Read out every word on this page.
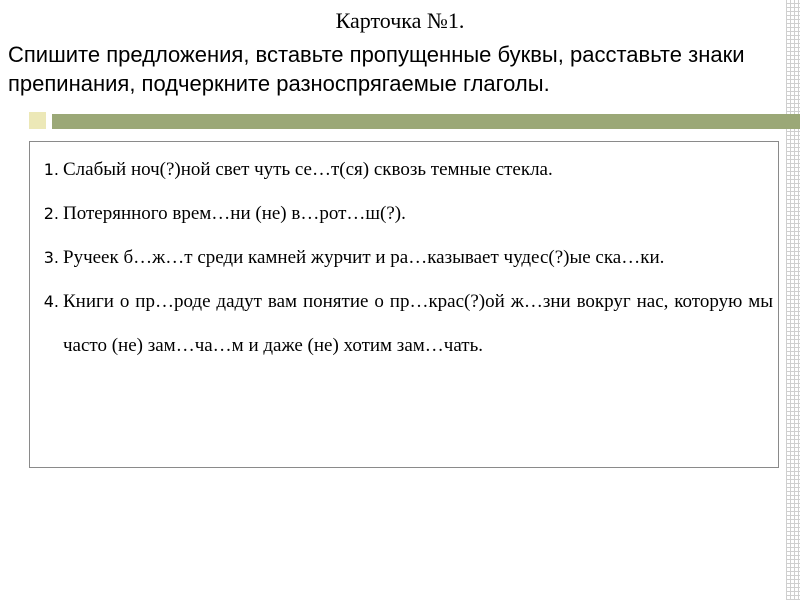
Карточка №1.
Спишите предложения, вставьте пропущенные буквы, расставьте знаки препинания, подчеркните разноспрягаемые глаголы.
1. Слабый ноч(?)ной свет чуть се…т(ся) сквозь темные стекла.
2. Потерянного врем…ни (не) в…рот…ш(?).
3. Ручеек б…ж…т среди камней журчит и ра…казывает чудес(?)ые ска…ки.
4. Книги о пр…роде дадут вам понятие о пр…крас(?)ой ж…зни вокруг нас, которую мы часто (не) зам…ча…м и даже (не) хотим зам…чать.
